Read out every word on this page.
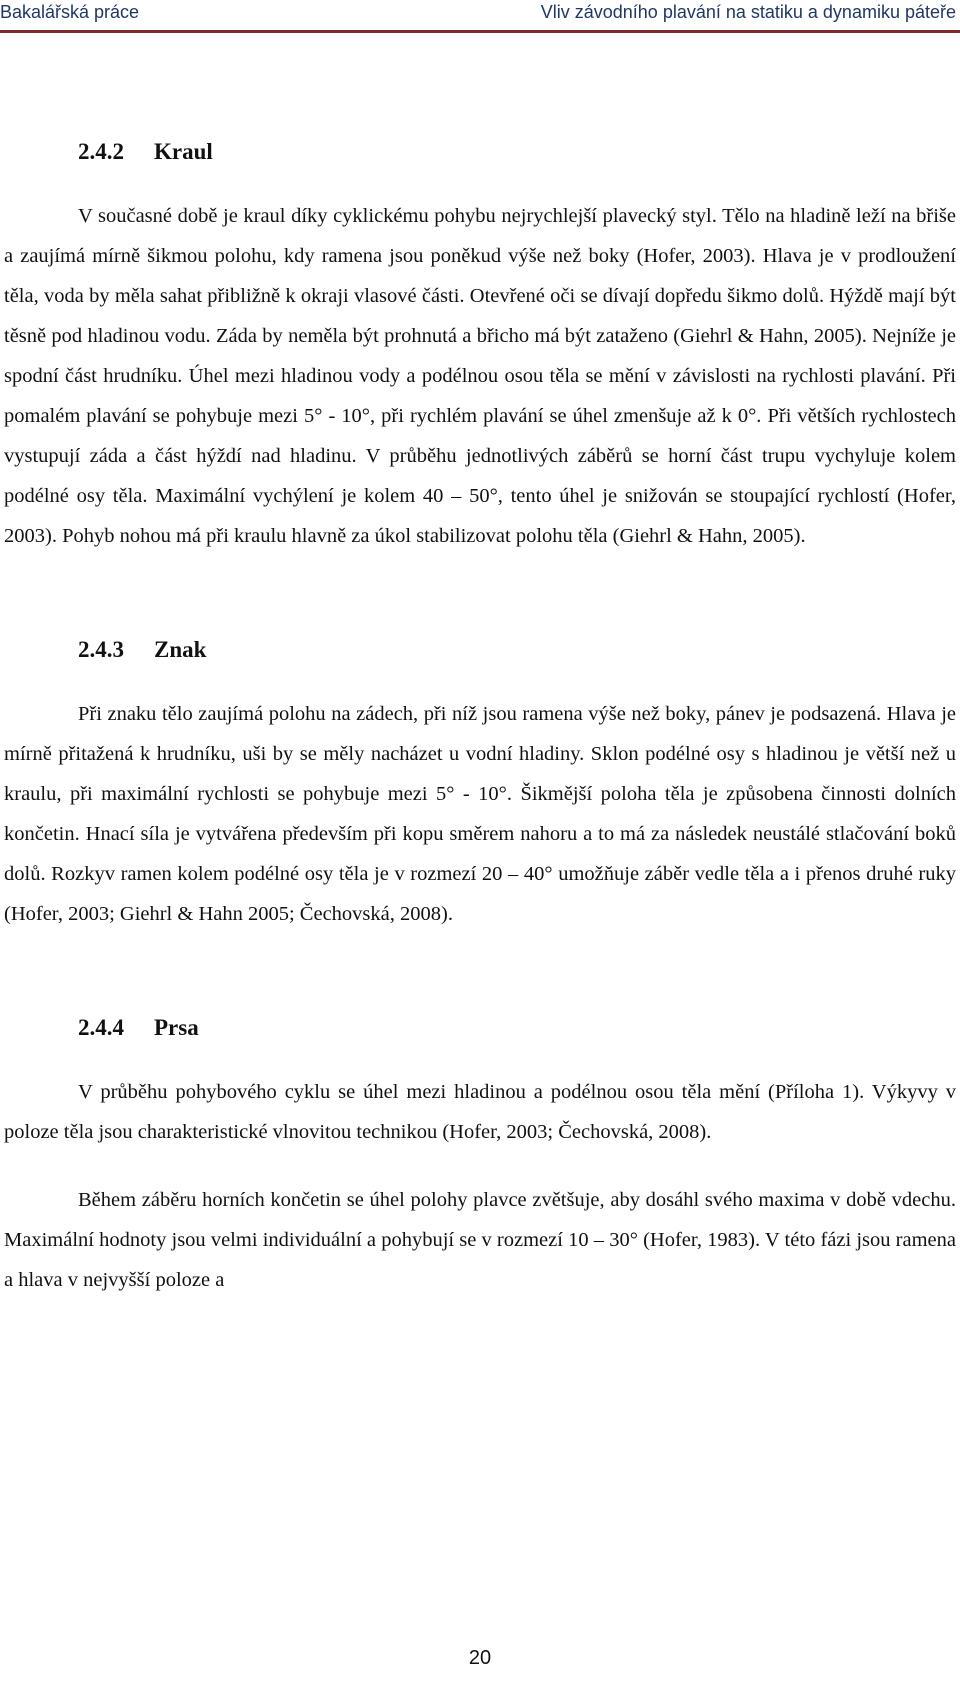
Bakalářská práce	Vliv závodního plavání na statiku a dynamiku páteře
2.4.2 Kraul

V současné době je kraul díky cyklickému pohybu nejrychlejší plavecký styl. Tělo na hladině leží na břiše a zaujímá mírně šikmou polohu, kdy ramena jsou poněkud výše než boky (Hofer, 2003). Hlava je v prodloužení těla, voda by měla sahat přibližně k okraji vlasové části. Otevřené oči se dívají dopředu šikmo dolů. Hýždě mají být těsně pod hladinou vodu. Záda by neměla být prohnutá a břicho má být zataženo (Giehrl & Hahn, 2005). Nejníže je spodní část hrudníku. Úhel mezi hladinou vody a podélnou osou těla se mění v závislosti na rychlosti plavání. Při pomalém plavání se pohybuje mezi 5° - 10°, při rychlém plavání se úhel zmenšuje až k 0°. Při větších rychlostech vystupují záda a část hýždí nad hladinu. V průběhu jednotlivých záběrů se horní část trupu vychyluje kolem podélné osy těla. Maximální vychýlení je kolem 40 – 50°, tento úhel je snižován se stoupající rychlostí (Hofer, 2003). Pohyb nohou má při kraulu hlavně za úkol stabilizovat polohu těla (Giehrl & Hahn, 2005).

2.4.3 Znak

Při znaku tělo zaujímá polohu na zádech, při níž jsou ramena výše než boky, pánev je podsazená. Hlava je mírně přitažená k hrudníku, uši by se měly nacházet u vodní hladiny. Sklon podélné osy s hladinou je větší než u kraulu, při maximální rychlosti se pohybuje mezi 5° - 10°. Šikmější poloha těla je způsobena činnosti dolních končetin. Hnací síla je vytvářena především při kopu směrem nahoru a to má za následek neustálé stlačování boků dolů. Rozkyv ramen kolem podélné osy těla je v rozmezí 20 – 40° umožňuje záběr vedle těla a i přenos druhé ruky (Hofer, 2003; Giehrl & Hahn 2005; Čechovská, 2008).

2.4.4 Prsa

V průběhu pohybového cyklu se úhel mezi hladinou a podélnou osou těla mění (Příloha 1). Výkyvy v poloze těla jsou charakteristické vlnovitou technikou (Hofer, 2003; Čechovská, 2008).

Během záběru horních končetin se úhel polohy plavce zvětšuje, aby dosáhl svého maxima v době vdechu. Maximální hodnoty jsou velmi individuální a pohybují se v rozmezí 10 – 30° (Hofer, 1983). V této fázi jsou ramena a hlava v nejvyšší poloze a

20
